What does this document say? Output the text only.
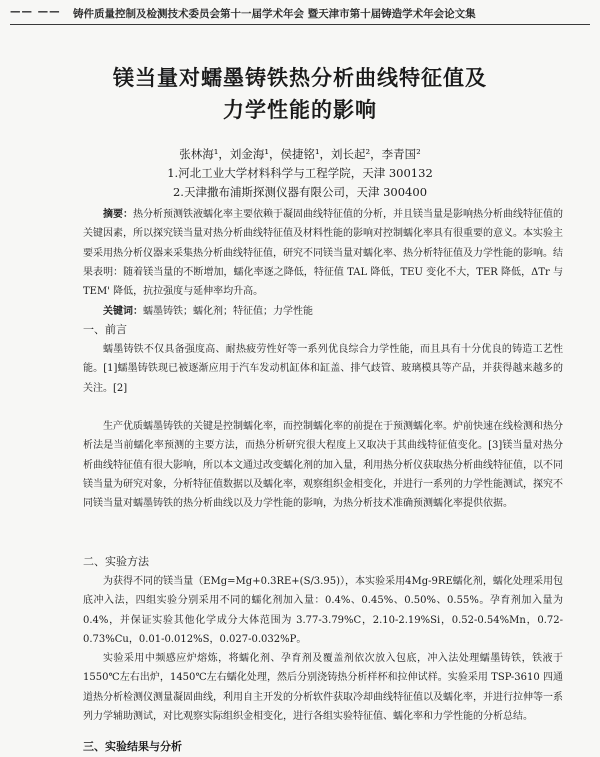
—— —— 铸件质量控制及检测技术委员会第十一届学术年会 暨天津市第十届铸造学术年会论文集
镁当量对蠕墨铸铁热分析曲线特征值及
力学性能的影响
张林海¹，刘金海¹，侯捷铭¹，刘长起²，李青国²
1.河北工业大学材料科学与工程学院，天津 300132
2.天津撒布浦斯探测仪器有限公司，天津 300400

摘要：热分析预测铁液蠕化率主要依赖于凝固曲线特征值的分析，并且镁当量是影响热分析曲线特征值的关键因素，所以探究镁当量对热分析曲线特征值及材料性能的影响对控制蠕化率具有很重要的意义。本实验主要采用热分析仪器来采集热分析曲线特征值，研究不同镁当量对蠕化率、热分析特征值及力学性能的影响。结果表明：随着镁当量的不断增加，蠕化率逐之降低，特征值 TAL 降低，TEU 变化不大，TER 降低，ΔTr 与 TEM' 降低，抗拉强度与延伸率均升高。

关键词：蠕墨铸铁；蠕化剂；特征值；力学性能

一、前言

蠕墨铸铁不仅具备强度高、耐热疲劳性好等一系列优良综合力学性能，而且具有十分优良的铸造工艺性能。[1]蠕墨铸铁现已被逐渐应用于汽车发动机缸体和缸盖、排气歧管、玻璃模具等产品，并获得越来越多的关注。[2]

生产优质蠕墨铸铁的关键是控制蠕化率，而控制蠕化率的前提在于预测蠕化率。炉前快速在线检测和热分析法是当前蠕化率预测的主要方法，而热分析研究很大程度上又取决于其曲线特征值变化。[3]镁当量对热分析曲线特征值有很大影响，所以本文通过改变蠕化剂的加入量，利用热分析仪获取热分析曲线特征值，以不同镁当量为研究对象，分析特征值数据以及蠕化率，观察组织金相变化，并进行一系列的力学性能测试，探究不同镁当量对蠕墨铸铁的热分析曲线以及力学性能的影响，为热分析技术准确预测蠕化率提供依据。

二、实验方法

为获得不同的镁当量（EMg=Mg+0.3RE+(S/3.95)），本实验采用4Mg-9RE蠕化剂，蠕化处理采用包底冲入法，四组实验分别采用不同的蠕化剂加入量：0.4%、0.45%、0.50%、0.55%。孕育剂加入量为 0.4%，并保证实验其他化学成分大体范围为 3.77-3.79%C，2.10-2.19%Si，0.52-0.54%Mn，0.72-0.73%Cu，0.01-0.012%S，0.027-0.032%P。

实验采用中频感应炉熔炼，将蠕化剂、孕育剂及覆盖剂依次放入包底，冲入法处理蠕墨铸铁，铁液于 1550℃左右出炉，1450℃左右蠕化处理，然后分别浇铸热分析样杯和拉伸试样。实验采用 TSP-3610 四通道热分析检测仪测量凝固曲线，利用自主开发的分析软件获取冷却曲线特征值以及蠕化率，并进行拉伸等一系列力学辅助测试，对比观察实际组织金相变化，进行各组实验特征值、蠕化率和力学性能的分析总结。

三、实验结果与分析
